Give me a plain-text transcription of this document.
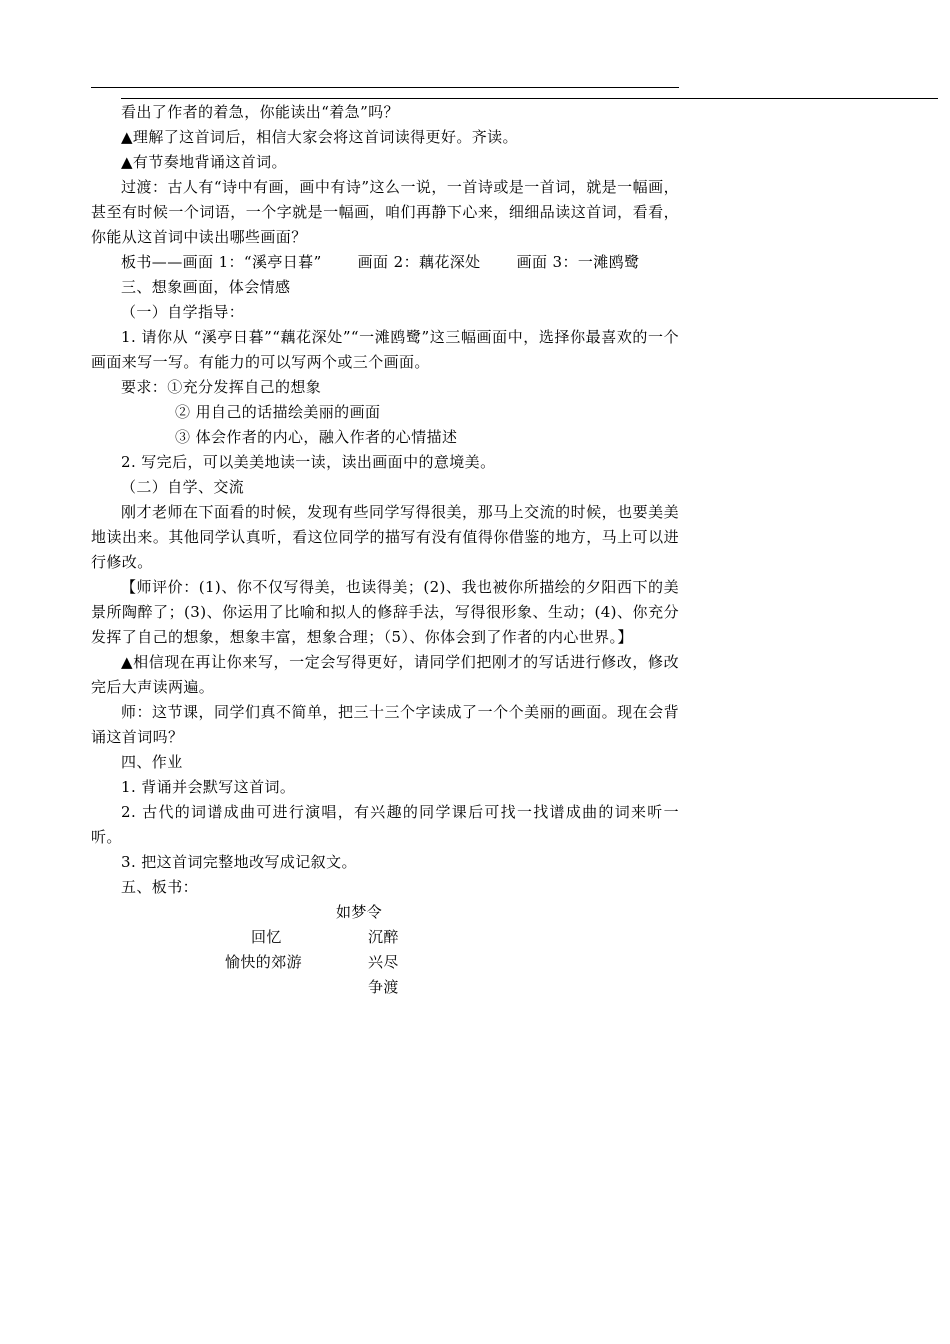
看出了作者的着急，你能读出“着急”吗？

▲理解了这首词后，相信大家会将这首词读得更好。齐读。

▲有节奏地背诵这首词。

过渡：古人有“诗中有画，画中有诗”这么一说，一首诗或是一首词，就是一幅画，甚至有时候一个词语，一个字就是一幅画，咱们再静下心来，细细品读这首词，看看，你能从这首词中读出哪些画面？

板书——画面 1：“溪亭日暮” 画面 2：藕花深处 画面 3：一滩鸥鹭

三、想象画面，体会情感

（一）自学指导：

1. 请你从 “溪亭日暮”“藕花深处”“一滩鸥鹭”这三幅画面中，选择你最喜欢的一个画面来写一写。有能力的可以写两个或三个画面。

要求：①充分发挥自己的想象

② 用自己的话描绘美丽的画面

③ 体会作者的内心，融入作者的心情描述

2. 写完后，可以美美地读一读，读出画面中的意境美。

（二）自学、交流

刚才老师在下面看的时候，发现有些同学写得很美，那马上交流的时候，也要美美地读出来。其他同学认真听，看这位同学的描写有没有值得你借鉴的地方，马上可以进行修改。

【师评价：(1)、你不仅写得美，也读得美；(2)、我也被你所描绘的夕阳西下的美景所陶醉了；(3)、你运用了比喻和拟人的修辞手法，写得很形象、生动；(4)、你充分发挥了自己的想象，想象丰富，想象合理；（5）、你体会到了作者的内心世界。】

▲相信现在再让你来写，一定会写得更好，请同学们把刚才的写话进行修改，修改完后大声读两遍。

师：这节课，同学们真不简单，把三十三个字读成了一个个美丽的画面。现在会背诵这首词吗？

四、作业

1. 背诵并会默写这首词。

2. 古代的词谱成曲可进行演唱，有兴趣的同学课后可找一找谱成曲的词来听一听。

3. 把这首词完整地改写成记叙文。

五、板书：

如梦令
回忆	沉醉
愉快的郊游	兴尽
争渡
